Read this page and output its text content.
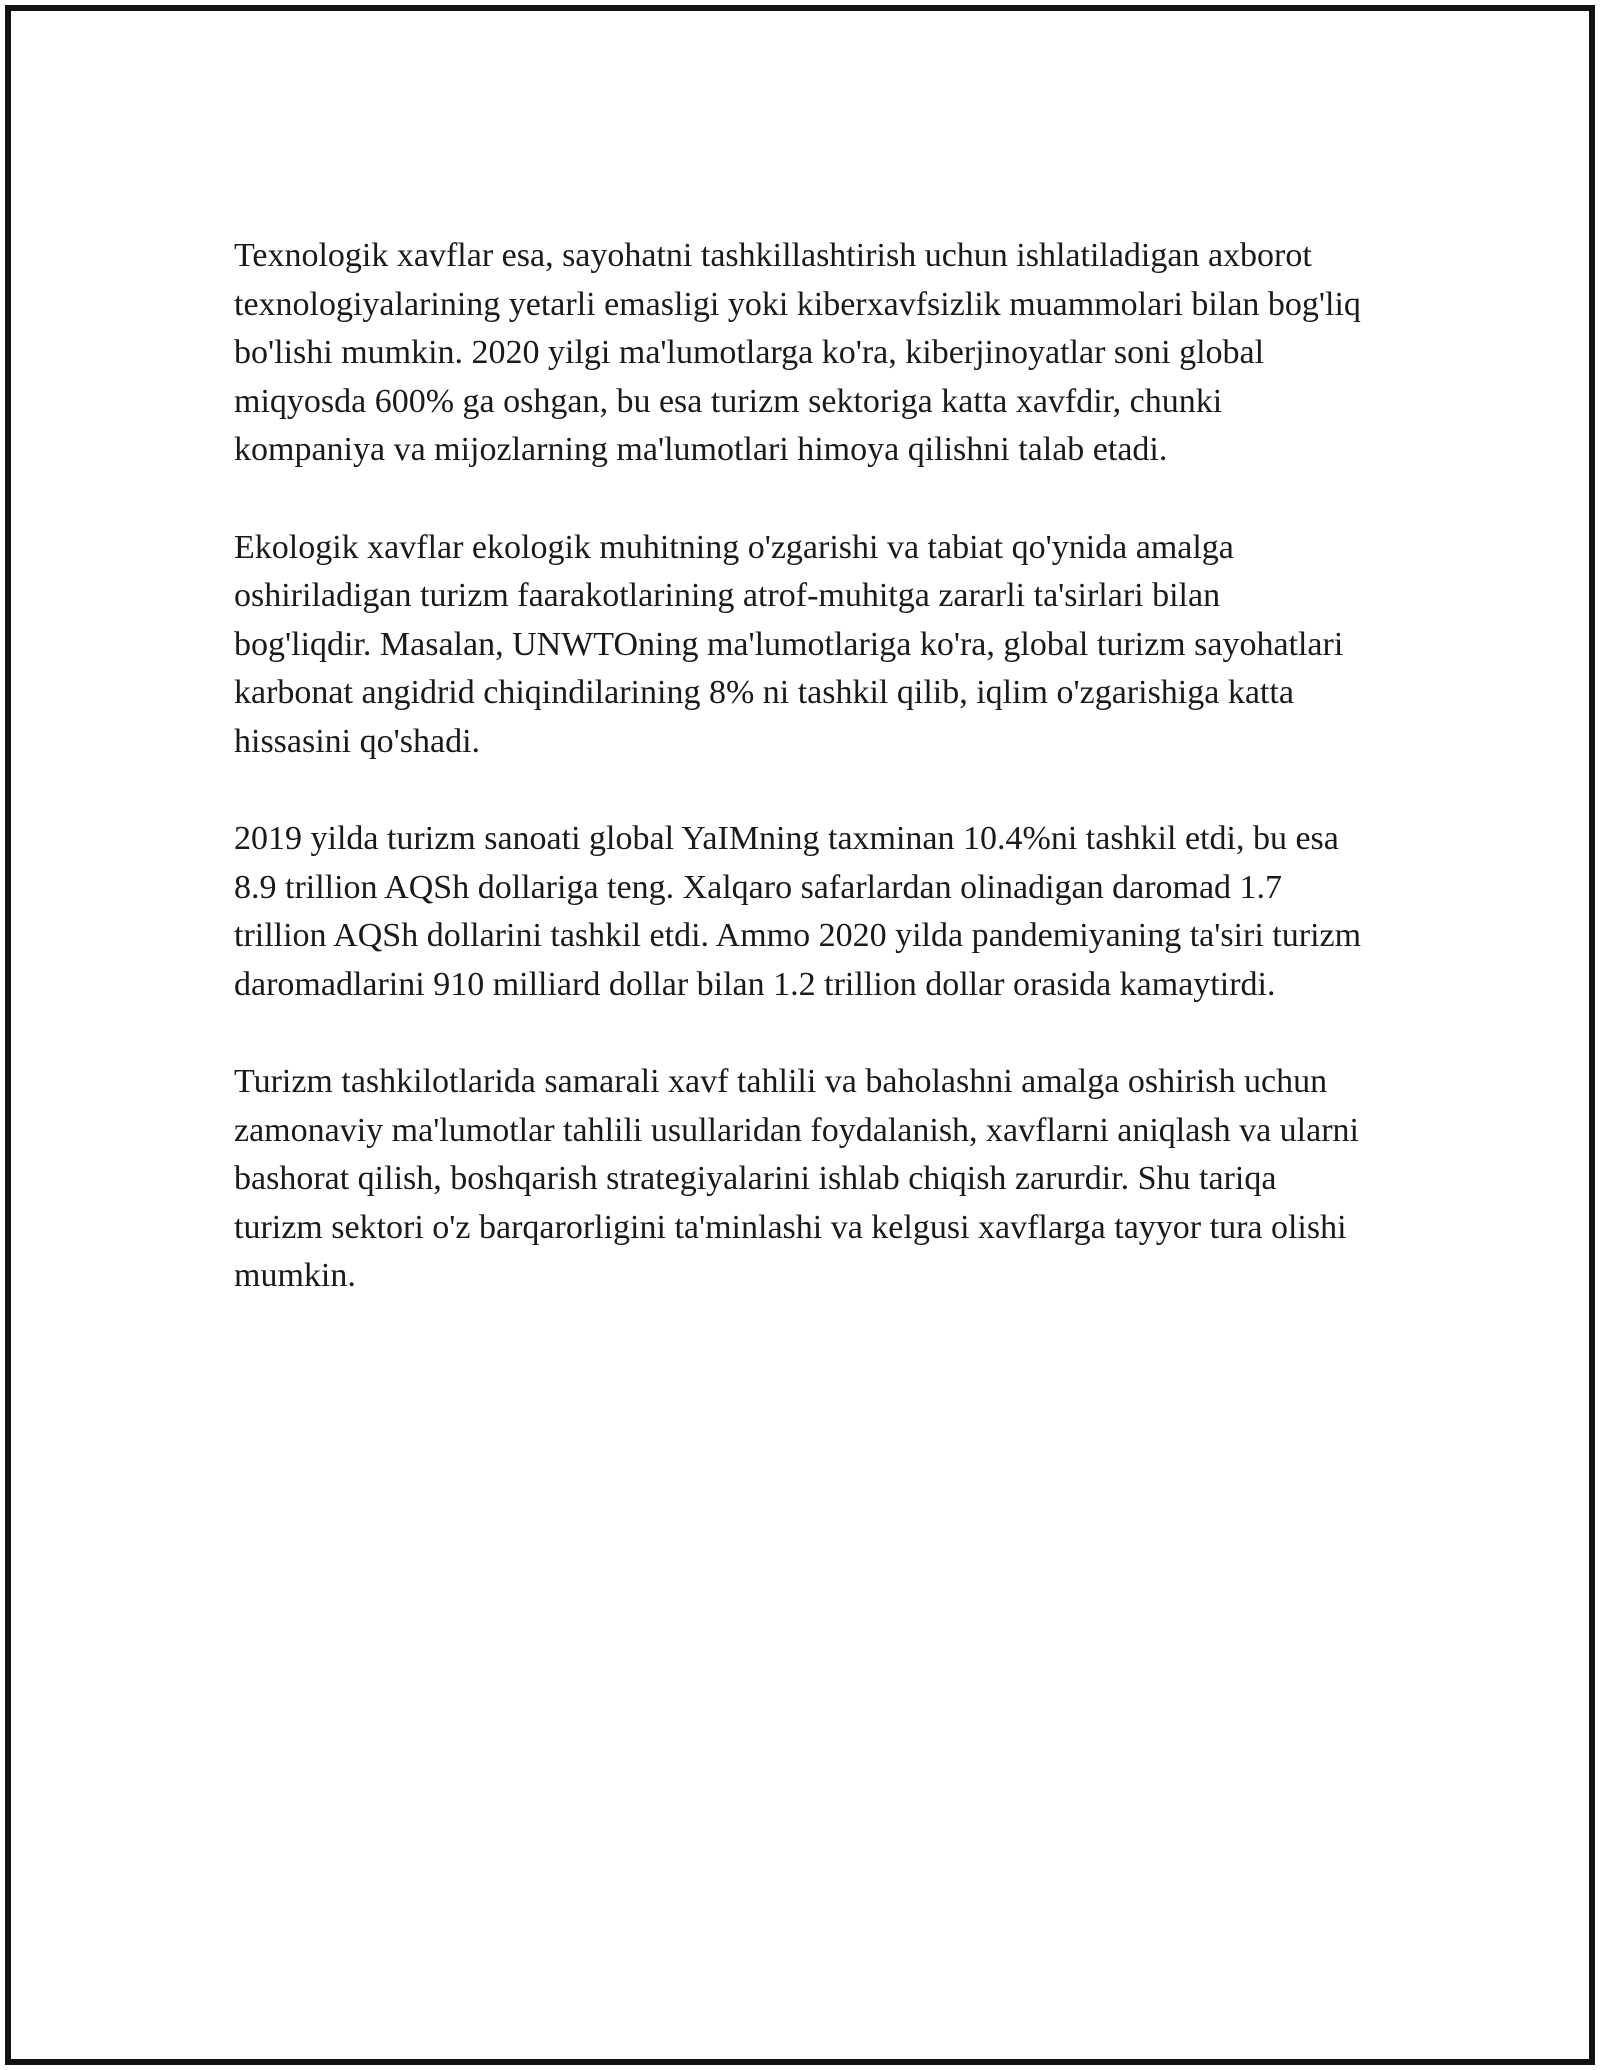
Texnologik xavflar esa, sayohatni tashkillashtirish uchun ishlatiladigan axborot texnologiyalarining yetarli emasligi yoki kiberxavfsizlik muammolari bilan bog'liq bo'lishi mumkin. 2020 yilgi ma'lumotlarga ko'ra, kiberjinoyatlar soni global miqyosda 600% ga oshgan, bu esa turizm sektoriga katta xavfdir, chunki kompaniya va mijozlarning ma'lumotlari himoya qilishni talab etadi.

Ekologik xavflar ekologik muhitning o'zgarishi va tabiat qo'ynida amalga oshiriladigan turizm faarakotlarining atrof-muhitga zararli ta'sirlari bilan bog'liqdir. Masalan, UNWTOning ma'lumotlariga ko'ra, global turizm sayohatlari karbonat angidrid chiqindilarining 8% ni tashkil qilib, iqlim o'zgarishiga katta hissasini qo'shadi.

2019 yilda turizm sanoati global YaIMning taxminan 10.4%ni tashkil etdi, bu esa 8.9 trillion AQSh dollariga teng. Xalqaro safarlardan olinadigan daromad 1.7 trillion AQSh dollarini tashkil etdi. Ammo 2020 yilda pandemiyaning ta'siri turizm daromadlarini 910 milliard dollar bilan 1.2 trillion dollar orasida kamaytirdi.

Turizm tashkilotlarida samarali xavf tahlili va baholashni amalga oshirish uchun zamonaviy ma'lumotlar tahlili usullaridan foydalanish, xavflarni aniqlash va ularni bashorat qilish, boshqarish strategiyalarini ishlab chiqish zarurdir. Shu tariqa turizm sektori o'z barqarorligini ta'minlashi va kelgusi xavflarga tayyor tura olishi mumkin.
